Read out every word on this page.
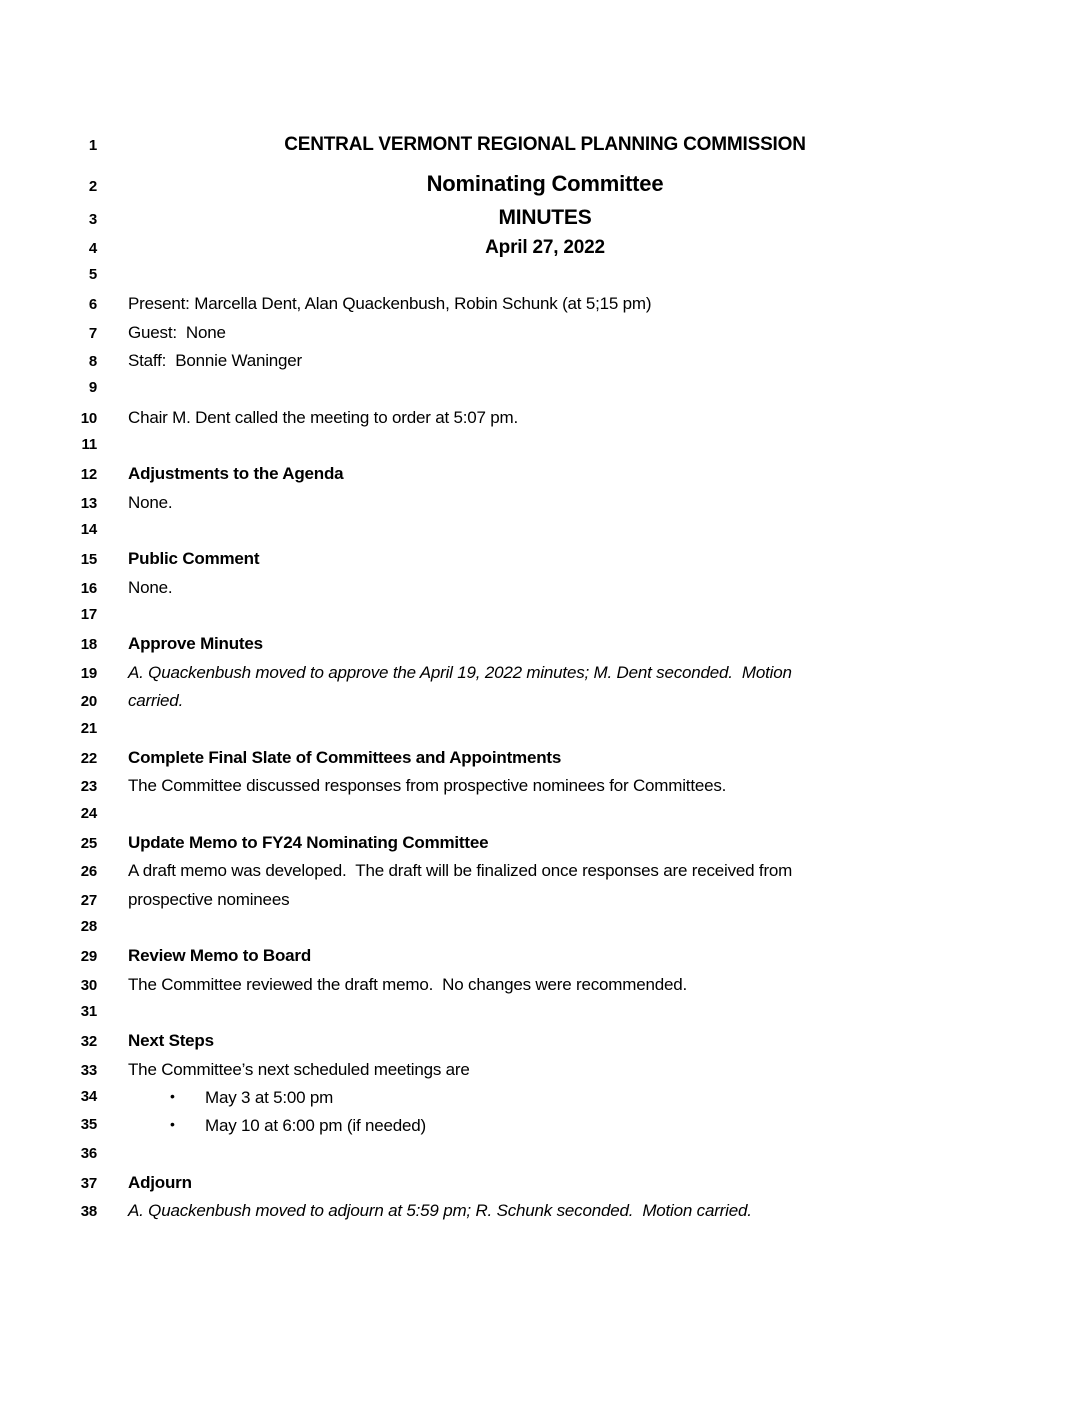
1	CENTRAL VERMONT REGIONAL PLANNING COMMISSION
2	Nominating Committee
3	MINUTES
4	April 27, 2022
5
6 Present: Marcella Dent, Alan Quackenbush, Robin Schunk (at 5;15 pm)
7 Guest:  None
8 Staff:  Bonnie Waninger
9
10 Chair M. Dent called the meeting to order at 5:07 pm.
11
12 Adjustments to the Agenda
13 None.
14
15 Public Comment
16 None.
17
18 Approve Minutes
19 A. Quackenbush moved to approve the April 19, 2022 minutes; M. Dent seconded.  Motion
20 carried.
21
22 Complete Final Slate of Committees and Appointments
23 The Committee discussed responses from prospective nominees for Committees.
24
25 Update Memo to FY24 Nominating Committee
26 A draft memo was developed.  The draft will be finalized once responses are received from
27 prospective nominees
28
29 Review Memo to Board
30 The Committee reviewed the draft memo.  No changes were recommended.
31
32 Next Steps
33 The Committee’s next scheduled meetings are
34	•	May 3 at 5:00 pm
35	•	May 10 at 6:00 pm (if needed)
36
37 Adjourn
38 A. Quackenbush moved to adjourn at 5:59 pm; R. Schunk seconded.  Motion carried.
